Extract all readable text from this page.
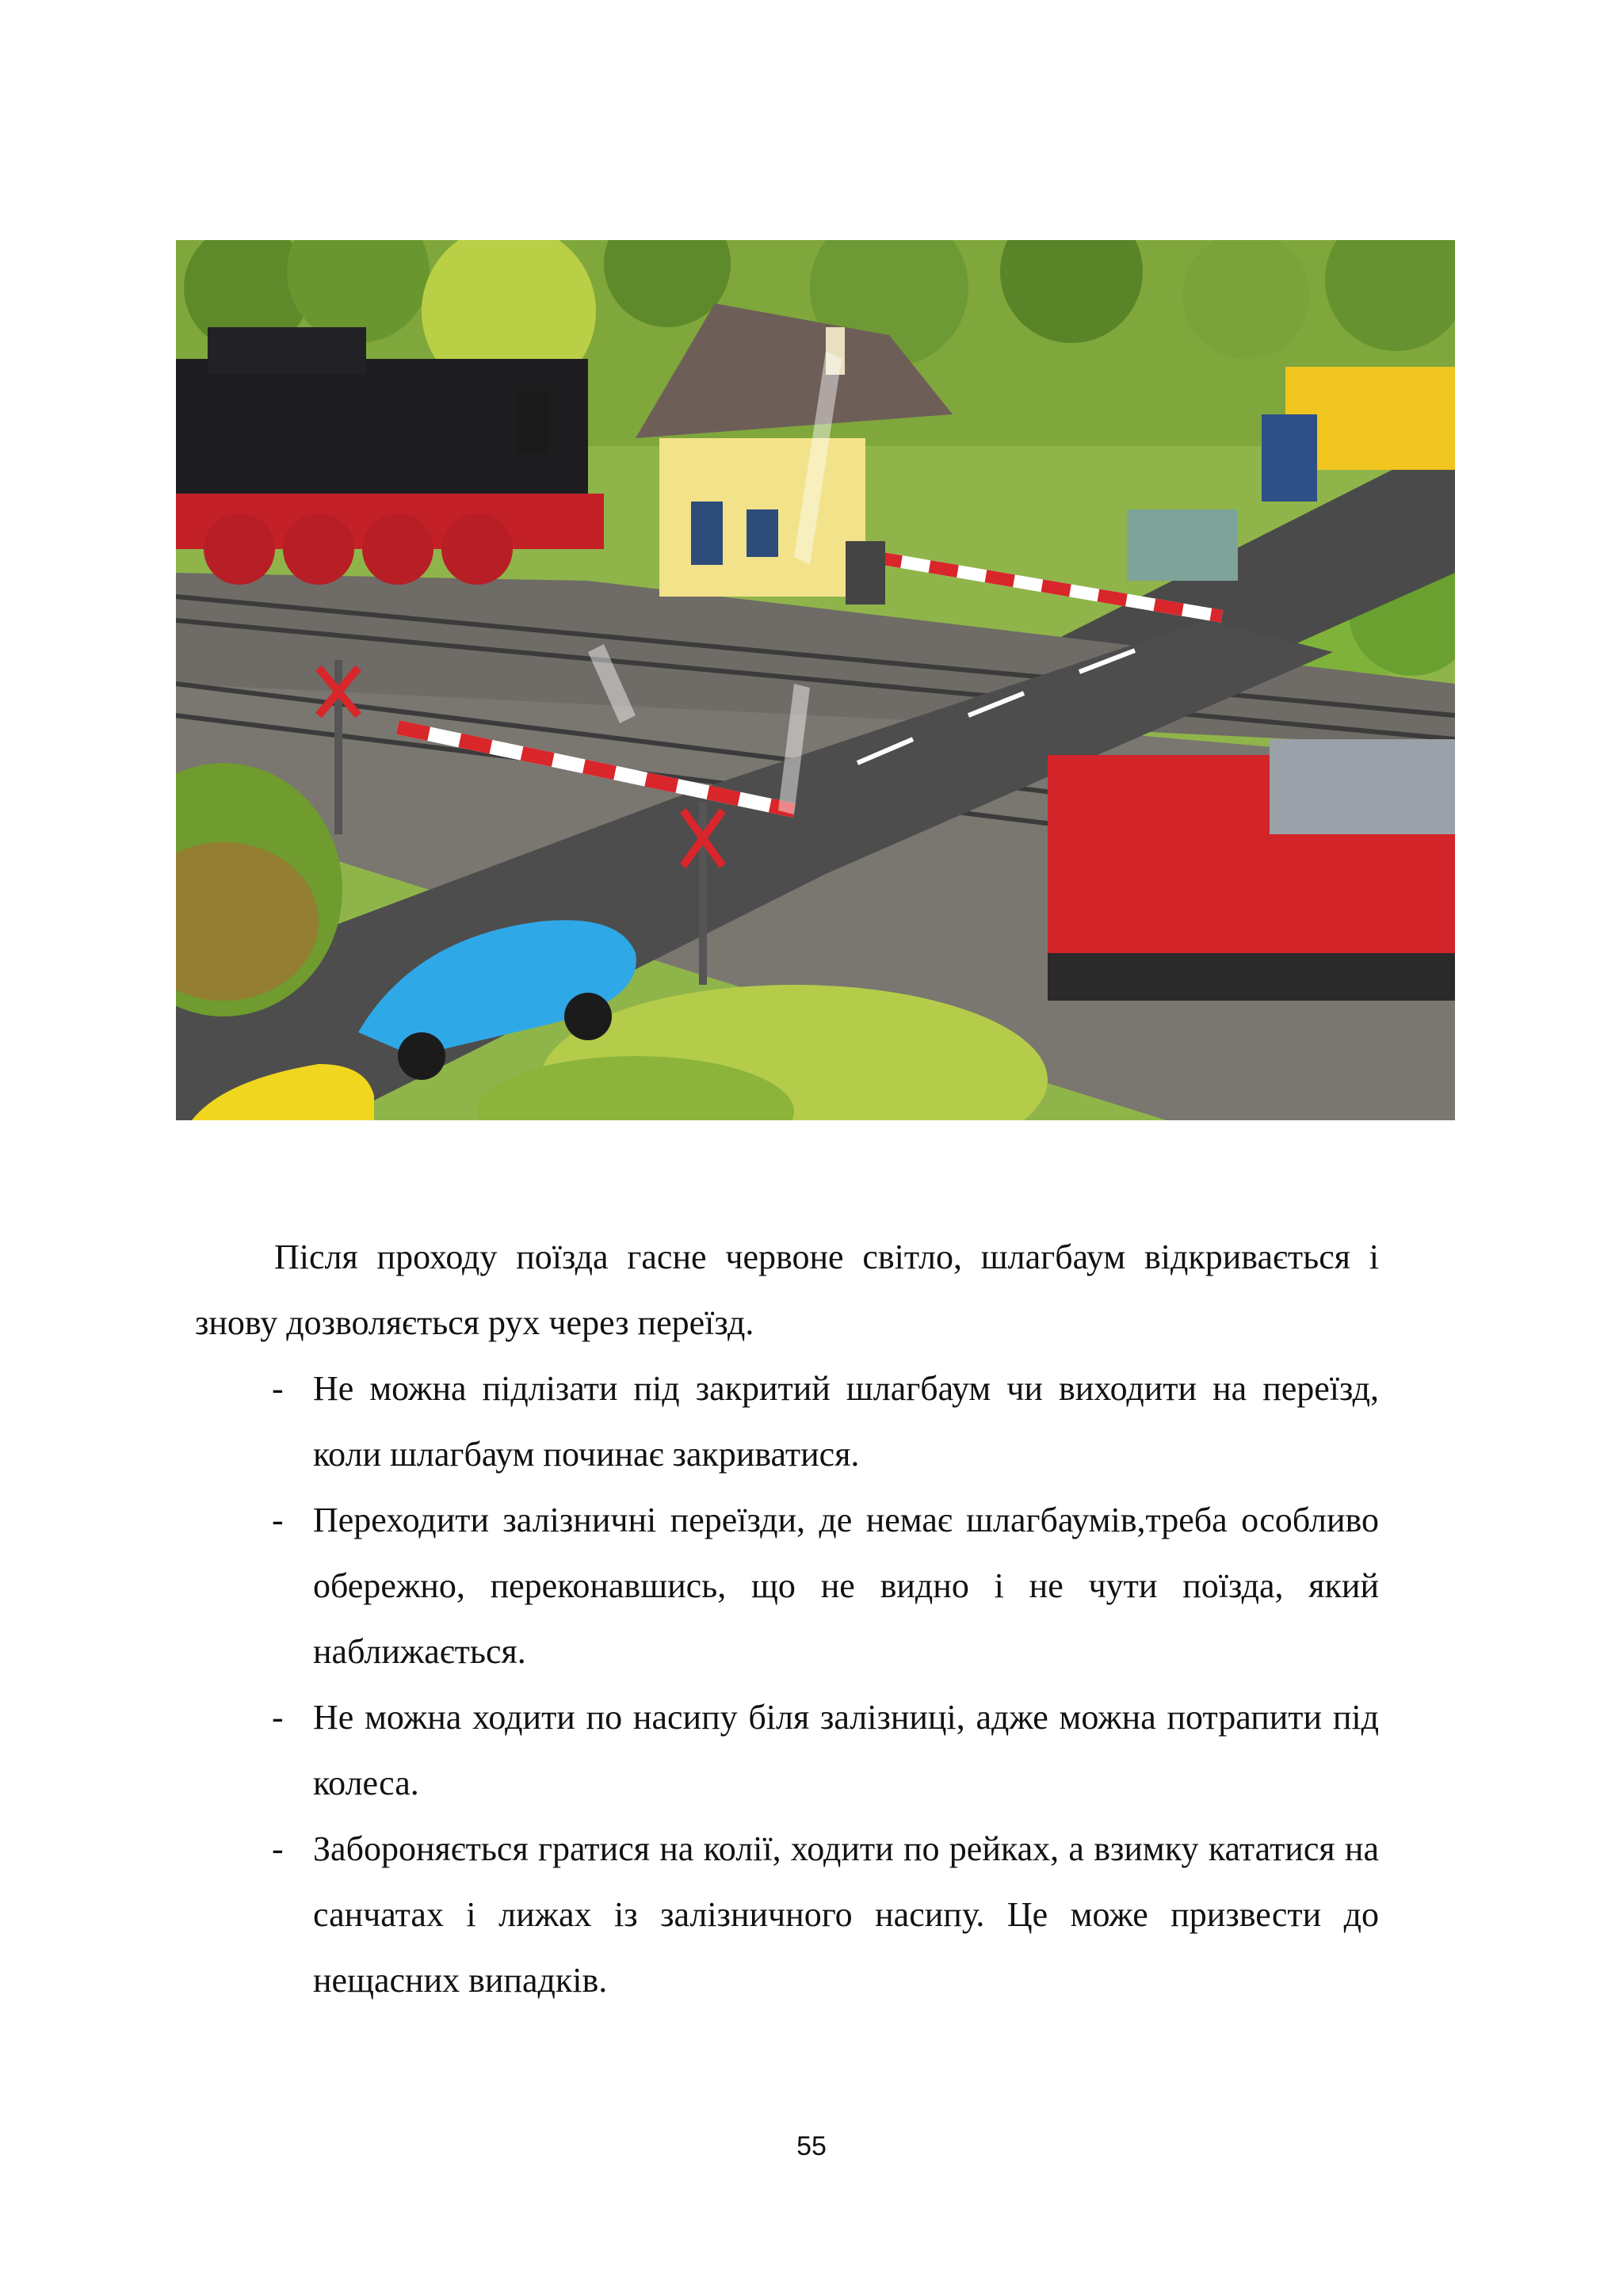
Після проходу поїзда гасне червоне світло, шлагбаум відкривається і знову дозволяється рух через переїзд.

- Не можна підлізати під закритий шлагбаум чи виходити на переїзд, коли шлагбаум починає закриватися.
- Переходити залізничні переїзди, де немає шлагбаумів,треба особливо обережно, переконавшись, що не видно і не чути поїзда, який наближається.
- Не можна ходити по насипу біля залізниці, адже можна потрапити під колеса.
- Забороняється гратися на колії, ходити по рейках, а взимку кататися на санчатах і лижах із залізничного насипу. Це може призвести до нещасних випадків.
55
